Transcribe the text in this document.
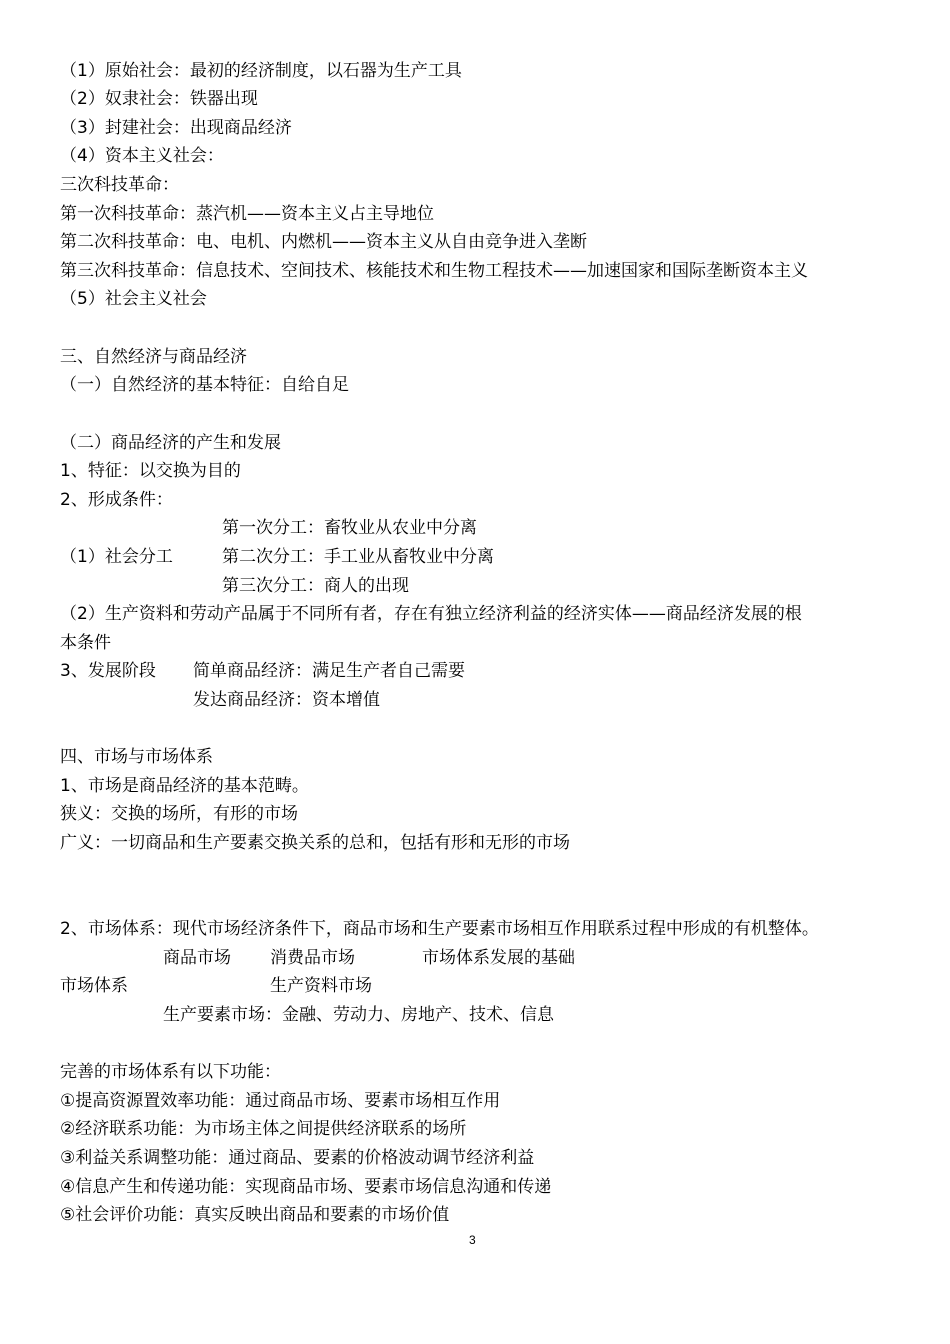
（1）原始社会：最初的经济制度，以石器为生产工具
（2）奴隶社会：铁器出现
（3）封建社会：出现商品经济
（4）资本主义社会：
三次科技革命：
第一次科技革命：蒸汽机——资本主义占主导地位
第二次科技革命：电、电机、内燃机——资本主义从自由竞争进入垄断
第三次科技革命：信息技术、空间技术、核能技术和生物工程技术——加速国家和国际垄断资本主义
（5）社会主义社会
三、自然经济与商品经济
（一）自然经济的基本特征：自给自足
（二）商品经济的产生和发展
1、特征：以交换为目的
2、形成条件：
第一次分工：畜牧业从农业中分离
（1）社会分工	第二次分工：手工业从畜牧业中分离
第三次分工：商人的出现
（2）生产资料和劳动产品属于不同所有者，存在有独立经济利益的经济实体——商品经济发展的根
本条件
3、发展阶段 简单商品经济：满足生产者自己需要
发达商品经济：资本增值
四、市场与市场体系
1、市场是商品经济的基本范畴。
狭义：交换的场所，有形的市场
广义：一切商品和生产要素交换关系的总和，包括有形和无形的市场
2、市场体系：现代市场经济条件下，商品市场和生产要素市场相互作用联系过程中形成的有机整体。
商品市场 消费品市场	市场体系发展的基础
市场体系	生产资料市场
生产要素市场：金融、劳动力、房地产、技术、信息
完善的市场体系有以下功能：
①提高资源置效率功能：通过商品市场、要素市场相互作用
②经济联系功能：为市场主体之间提供经济联系的场所
③利益关系调整功能：通过商品、要素的价格波动调节经济利益
④信息产生和传递功能：实现商品市场、要素市场信息沟通和传递
⑤社会评价功能：真实反映出商品和要素的市场价值
3
